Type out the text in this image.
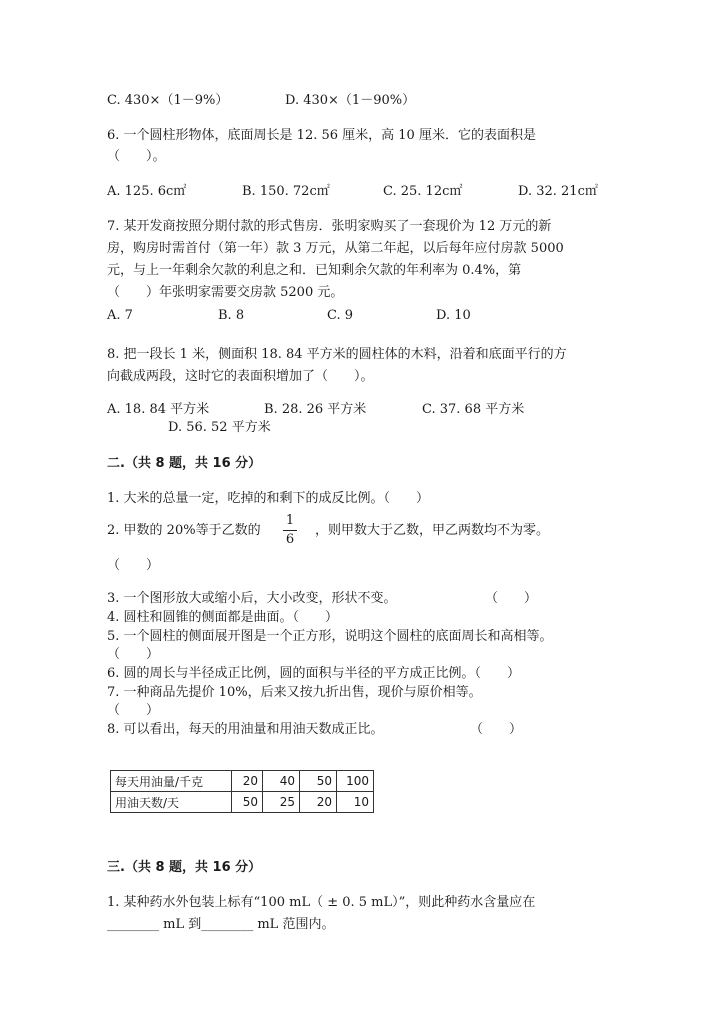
C. 430×（1－9%）	D. 430×（1－90%）
6. 一个圆柱形物体，底面周长是 12. 56 厘米，高 10 厘米．它的表面积是
（　　）。
A. 125. 6c㎡	B. 150. 72c㎡	C. 25. 12c㎡	D. 32. 21c㎡
7. 某开发商按照分期付款的形式售房．张明家购买了一套现价为 12 万元的新
房，购房时需首付（第一年）款 3 万元，从第二年起，以后每年应付房款 5000
元，与上一年剩余欠款的利息之和．已知剩余欠款的年利率为 0.4%，第
（　　）年张明家需要交房款 5200 元。
A. 7	B. 8	C. 9	D. 10
8. 把一段长 1 米，侧面积 18. 84 平方米的圆柱体的木料，沿着和底面平行的方
向截成两段，这时它的表面积增加了（　　）。
A. 18. 84 平方米	B. 28. 26 平方米	C. 37. 68 平方米
D. 56. 52 平方米
二.（共 8 题，共 16 分）
1. 大米的总量一定，吃掉的和剩下的成反比例。（　　）
2. 甲数的 20%等于乙数的
1
6
，则甲数大于乙数，甲乙两数均不为零。
（　　）
3. 一个图形放大或缩小后，大小改变，形状不变。	（　　）
4. 圆柱和圆锥的侧面都是曲面。（　　）
5. 一个圆柱的侧面展开图是一个正方形，说明这个圆柱的底面周长和高相等。
（　　）
6. 圆的周长与半径成正比例，圆的面积与半径的平方成正比例。（　　）
7. 一种商品先提价 10%，后来又按九折出售，现价与原价相等。
（　　）
8. 可以看出，每天的用油量和用油天数成正比。	（　　）
每天用油量/千克	20	40	50	100
用油天数/天	50	25	20	10
三.（共 8 题，共 16 分）
1. 某种药水外包装上标有“100 mL（ ± 0. 5 mL）”，则此种药水含量应在
________ mL 到________ mL 范围内。
